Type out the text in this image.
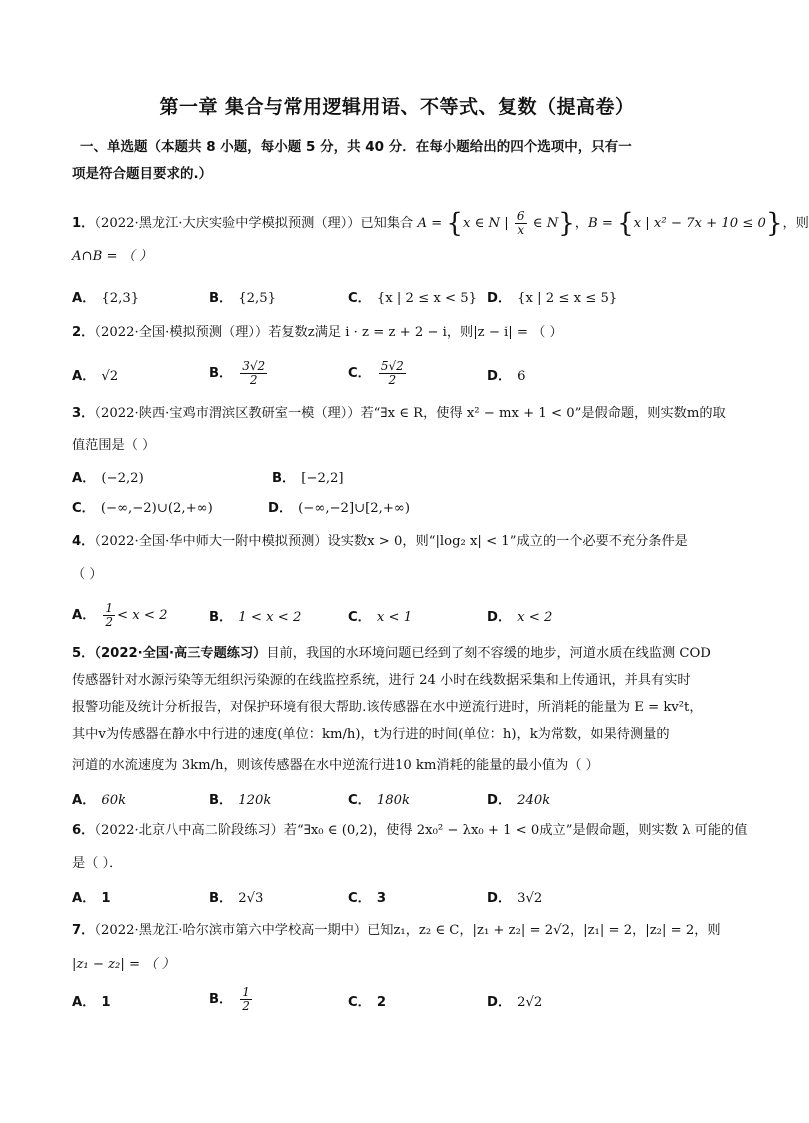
第一章 集合与常用逻辑用语、不等式、复数（提高卷）
一、单选题（本题共 8 小题，每小题 5 分，共 40 分．在每小题给出的四个选项中，只有一
项是符合题目要求的.）
1．（2022·黑龙江·大庆实验中学模拟预测（理））已知集合 A = {x ∈ N | $\frac{6}{x}$ ∈ N}，B = {x | x² − 7x + 10 ≤ 0}，则
A∩B = （ ）
A． {2,3}	B． {2,5}	C． {x | 2 ≤ x < 5} D． {x | 2 ≤ x ≤ 5}
2．（2022·全国·模拟预测（理））若复数z满足 i · z = z + 2 − i，则|z − i| = （ ）
A． √2	B． $\frac{3√2}{2}$	C． $\frac{5√2}{2}$	D． 6
3．（2022·陕西·宝鸡市渭滨区教研室一模（理））若“∃x ∈ R，使得 x² − mx + 1 < 0”是假命题，则实数m的取
值范围是（ ）
A． (−2,2)	B． [−2,2]
C． (−∞,−2)∪(2,+∞)	D． (−∞,−2]∪[2,+∞)
4．（2022·全国·华中师大一附中模拟预测）设实数x > 0，则“|log₂ x| < 1”成立的一个必要不充分条件是
（ ）
A． $\frac{1}{2} < x < 2$	B． 1 < x < 2	C． x < 1	D． x < 2
5．（2022·全国·高三专题练习）目前，我国的水环境问题已经到了刻不容缓的地步，河道水质在线监测 COD
传感器针对水源污染等无组织污染源的在线监控系统，进行 24 小时在线数据采集和上传通讯，并具有实时
报警功能及统计分析报告，对保护环境有很大帮助.该传感器在水中逆流行进时，所消耗的能量为 E = kv²t，
其中v为传感器在静水中行进的速度(单位：km/h)，t为行进的时间(单位：h)，k为常数，如果待测量的
河道的水流速度为 3km/h，则该传感器在水中逆流行进10 km消耗的能量的最小值为（ ）
A． 60k	B． 120k	C． 180k	D． 240k
6．（2022·北京八中高二阶段练习）若“∃x₀ ∈ (0,2)，使得 2x₀² − λx₀ + 1 < 0成立”是假命题，则实数 λ 可能的值
是（ ）．
A． 1	B． 2√3	C． 3	D． 3√2
7．（2022·黑龙江·哈尔滨市第六中学校高一期中）已知z₁，z₂ ∈ C，|z₁ + z₂| = 2√2，|z₁| = 2，|z₂| = 2，则
|z₁ − z₂| = （ ）
A． 1	B． $\frac{1}{2}$	C． 2	D． 2√2
